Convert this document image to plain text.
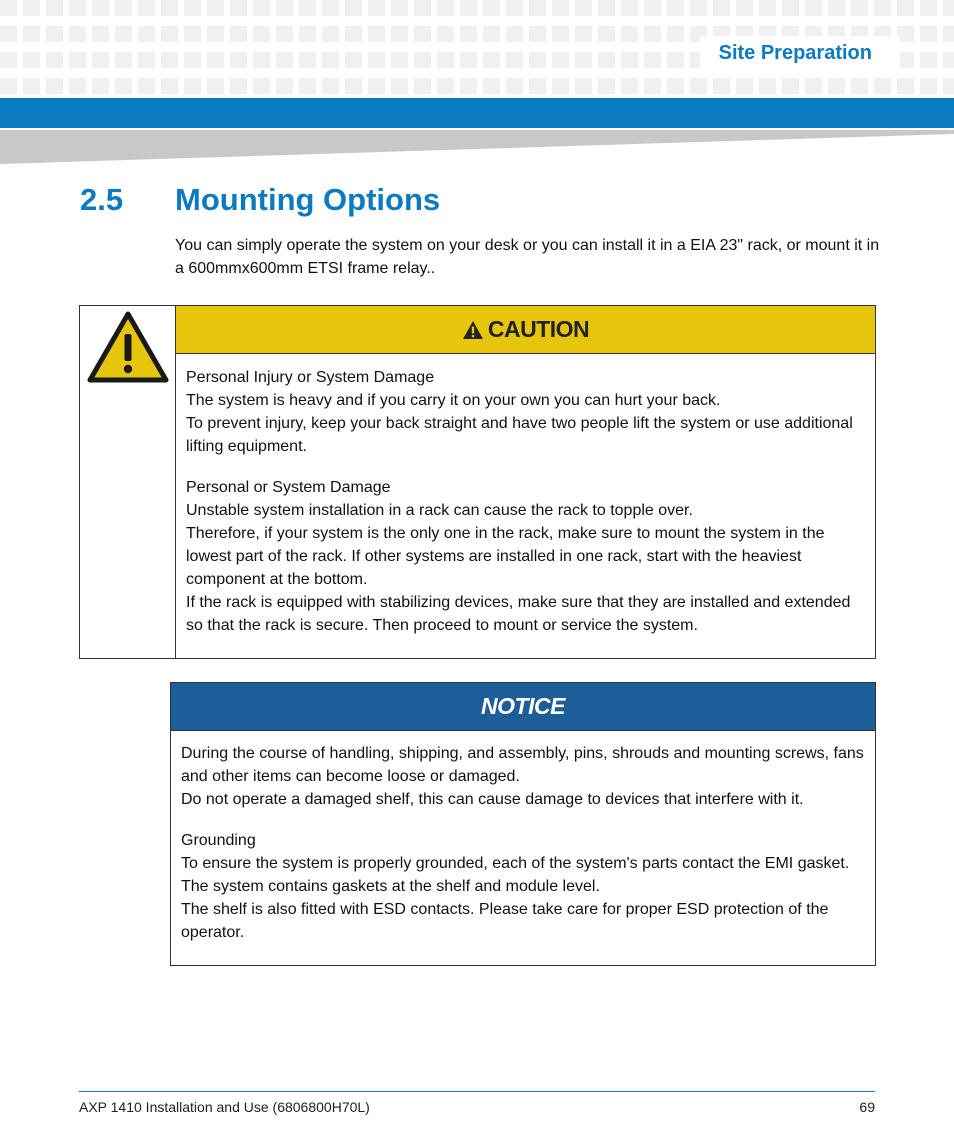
Site Preparation
2.5 Mounting Options
You can simply operate the system on your desk or you can install it in a EIA 23" rack, or mount it in a 600mmx600mm ETSI frame relay..
CAUTION

Personal Injury or System Damage

The system is heavy and if you carry it on your own you can hurt your back.

To prevent injury, keep your back straight and have two people lift the system or use additional lifting equipment.

Personal or System Damage

Unstable system installation in a rack can cause the rack to topple over.

Therefore, if your system is the only one in the rack, make sure to mount the system in the lowest part of the rack. If other systems are installed in one rack, start with the heaviest component at the bottom.

If the rack is equipped with stabilizing devices, make sure that they are installed and extended so that the rack is secure. Then proceed to mount or service the system.

NOTICE

During the course of handling, shipping, and assembly, pins, shrouds and mounting screws, fans and other items can become loose or damaged.

Do not operate a damaged shelf, this can cause damage to devices that interfere with it.

Grounding

To ensure the system is properly grounded, each of the system's parts contact the EMI gasket. The system contains gaskets at the shelf and module level.

The shelf is also fitted with ESD contacts. Please take care for proper ESD protection of the operator.

AXP 1410 Installation and Use (6806800H70L)	69
